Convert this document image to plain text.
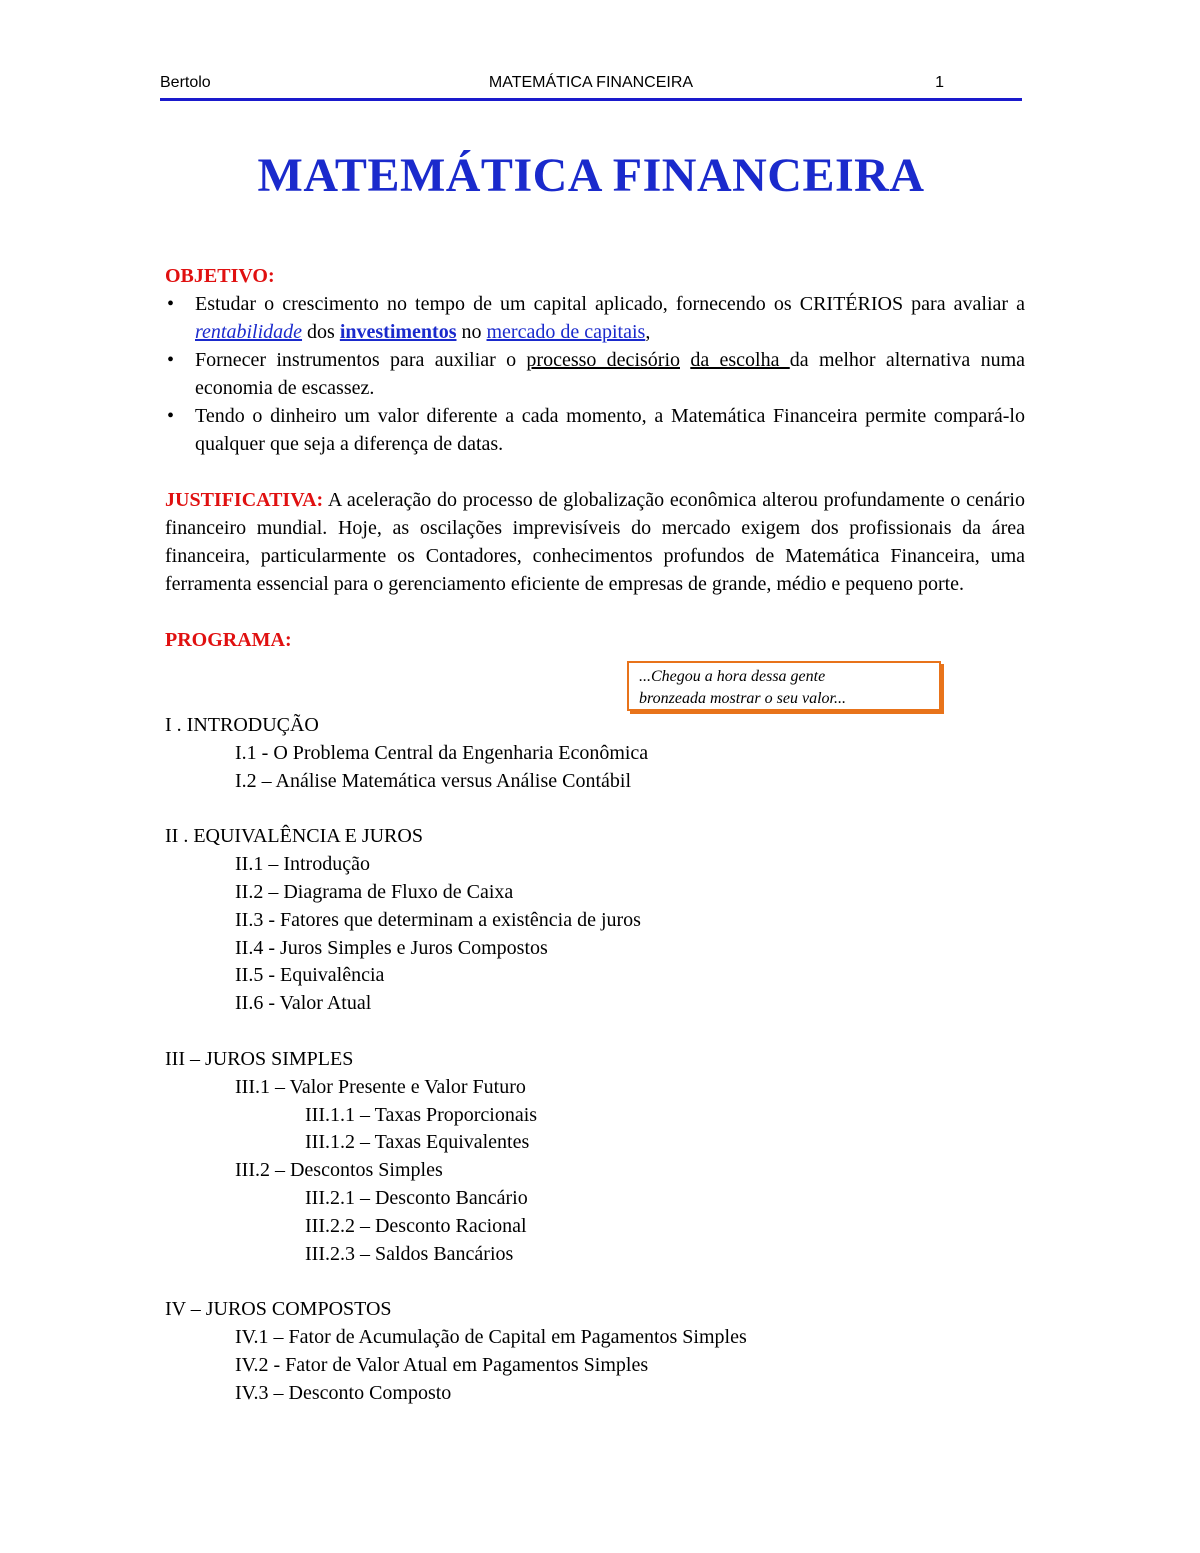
Bertolo	MATEMÁTICA FINANCEIRA	1
MATEMÁTICA FINANCEIRA
OBJETIVO:
• Estudar o crescimento no tempo de um capital aplicado, fornecendo os CRITÉRIOS para avaliar a rentabilidade dos investimentos no mercado de capitais,
• Fornecer instrumentos para auxiliar o processo decisório da escolha da melhor alternativa numa economia de escassez.
• Tendo o dinheiro um valor diferente a cada momento, a Matemática Financeira permite compará-lo qualquer que seja a diferença de datas.
JUSTIFICATIVA: A aceleração do processo de globalização econômica alterou profundamente o cenário financeiro mundial. Hoje, as oscilações imprevisíveis do mercado exigem dos profissionais da área financeira, particularmente os Contadores, conhecimentos profundos de Matemática Financeira, uma ferramenta essencial para o gerenciamento eficiente de empresas de grande, médio e pequeno porte.
PROGRAMA:
...Chegou a hora dessa gente
bronzeada mostrar o seu valor...
I . INTRODUÇÃO
I.1 - O Problema Central da Engenharia Econômica
I.2 – Análise Matemática versus Análise Contábil
II . EQUIVALÊNCIA E JUROS
II.1 – Introdução
II.2 – Diagrama de Fluxo de Caixa
II.3 - Fatores que determinam a existência de juros
II.4 - Juros Simples e Juros Compostos
II.5 - Equivalência
II.6 - Valor Atual
III – JUROS SIMPLES
III.1 – Valor Presente e Valor Futuro
III.1.1 – Taxas Proporcionais
III.1.2 – Taxas Equivalentes
III.2 – Descontos Simples
III.2.1 – Desconto Bancário
III.2.2 – Desconto Racional
III.2.3 – Saldos Bancários
IV – JUROS COMPOSTOS
IV.1 – Fator de Acumulação de Capital em Pagamentos Simples
IV.2 - Fator de Valor Atual em Pagamentos Simples
IV.3 – Desconto Composto
